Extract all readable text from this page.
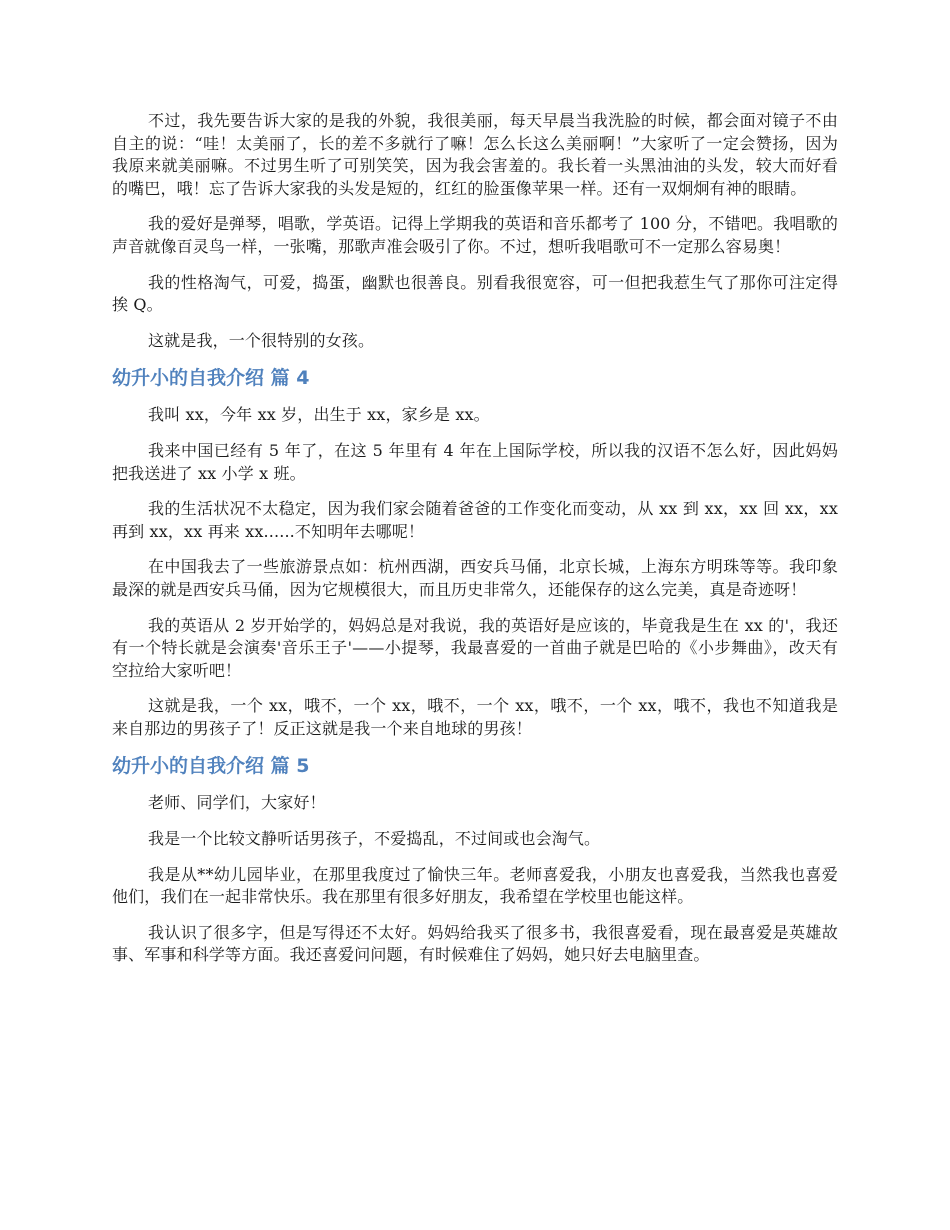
不过，我先要告诉大家的是我的外貌，我很美丽，每天早晨当我洗脸的时候，都会面对镜子不由自主的说：“哇！太美丽了，长的差不多就行了嘛！怎么长这么美丽啊！”大家听了一定会赞扬，因为我原来就美丽嘛。不过男生听了可别笑笑，因为我会害羞的。我长着一头黑油油的头发，较大而好看的嘴巴，哦！忘了告诉大家我的头发是短的，红红的脸蛋像苹果一样。还有一双炯炯有神的眼睛。

我的爱好是弹琴，唱歌，学英语。记得上学期我的英语和音乐都考了 100 分，不错吧。我唱歌的声音就像百灵鸟一样，一张嘴，那歌声准会吸引了你。不过，想听我唱歌可不一定那么容易奥！

我的性格淘气，可爱，捣蛋，幽默也很善良。别看我很宽容，可一但把我惹生气了那你可注定得挨 Q。

这就是我，一个很特别的女孩。

幼升小的自我介绍 篇 4

我叫 xx，今年 xx 岁，出生于 xx，家乡是 xx。

我来中国已经有 5 年了，在这 5 年里有 4 年在上国际学校，所以我的汉语不怎么好，因此妈妈把我送进了 xx 小学 x 班。

我的生活状况不太稳定，因为我们家会随着爸爸的工作变化而变动，从 xx 到 xx，xx 回 xx，xx 再到 xx，xx 再来 xx......不知明年去哪呢！

在中国我去了一些旅游景点如：杭州西湖，西安兵马俑，北京长城，上海东方明珠等等。我印象最深的就是西安兵马俑，因为它规模很大，而且历史非常久，还能保存的这么完美，真是奇迹呀！

我的英语从 2 岁开始学的，妈妈总是对我说，我的英语好是应该的，毕竟我是生在 xx 的'，我还有一个特长就是会演奏'音乐王子'——小提琴，我最喜爱的一首曲子就是巴哈的《小步舞曲》，改天有空拉给大家听吧！

这就是我，一个 xx，哦不，一个 xx，哦不，一个 xx，哦不，一个 xx，哦不，我也不知道我是来自那边的男孩子了！反正这就是我一个来自地球的男孩！

幼升小的自我介绍 篇 5

老师、同学们，大家好！

我是一个比较文静听话男孩子，不爱捣乱，不过间或也会淘气。

我是从**幼儿园毕业，在那里我度过了愉快三年。老师喜爱我，小朋友也喜爱我，当然我也喜爱他们，我们在一起非常快乐。我在那里有很多好朋友，我希望在学校里也能这样。

我认识了很多字，但是写得还不太好。妈妈给我买了很多书，我很喜爱看，现在最喜爱是英雄故事、军事和科学等方面。我还喜爱问问题，有时候难住了妈妈，她只好去电脑里查。
